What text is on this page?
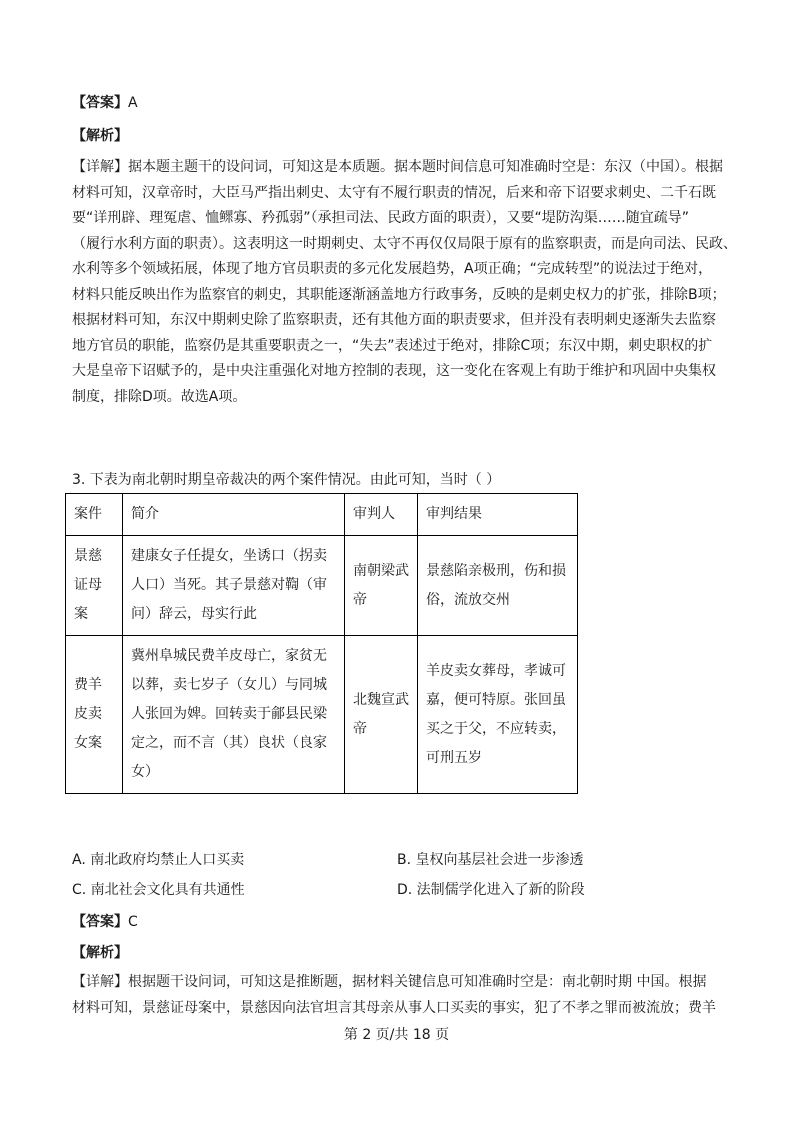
【答案】A
【解析】
【详解】据本题主题干的设问词，可知这是本质题。据本题时间信息可知准确时空是：东汉（中国）。根据
材料可知，汉章帝时，大臣马严指出刺史、太守有不履行职责的情况，后来和帝下诏要求刺史、二千石既
要“详刑辟、理冤虐、恤鳏寡、矜孤弱”（承担司法、民政方面的职责），又要“堤防沟渠……随宜疏导”
（履行水利方面的职责）。这表明这一时期刺史、太守不再仅仅局限于原有的监察职责，而是向司法、民政、
水利等多个领域拓展，体现了地方官员职责的多元化发展趋势，A项正确；“完成转型”的说法过于绝对，
材料只能反映出作为监察官的刺史，其职能逐渐涵盖地方行政事务，反映的是刺史权力的扩张，排除B项；
根据材料可知，东汉中期刺史除了监察职责，还有其他方面的职责要求，但并没有表明刺史逐渐失去监察
地方官员的职能，监察仍是其重要职责之一，“失去”表述过于绝对，排除C项；东汉中期，刺史职权的扩
大是皇帝下诏赋予的，是中央注重强化对地方控制的表现，这一变化在客观上有助于维护和巩固中央集权
制度，排除D项。故选A项。
3. 下表为南北朝时期皇帝裁决的两个案件情况。由此可知，当时（ ）
案件	简介	审判人	审判结果

景慈
证母
案	建康女子任提女，坐诱口（拐卖
人口）当死。其子景慈对鞫（审
问）辞云，母实行此	南朝梁武
帝	景慈陷亲极刑，伤和损
俗，流放交州

费羊
皮卖
女案	冀州阜城民费羊皮母亡，家贫无
以葬，卖七岁子（女儿）与同城
人张回为婢。回转卖于鄃县民梁
定之，而不言（其）良状（良家
女）	北魏宣武
帝	羊皮卖女葬母，孝诚可
嘉，便可特原。张回虽
买之于父，不应转卖，
可刑五岁
A. 南北政府均禁止人口买卖	B. 皇权向基层社会进一步渗透
C. 南北社会文化具有共通性	D. 法制儒学化进入了新的阶段
【答案】C
【解析】
【详解】根据题干设问词，可知这是推断题，据材料关键信息可知准确时空是：南北朝时期 中国。根据
材料可知，景慈证母案中，景慈因向法官坦言其母亲从事人口买卖的事实，犯了不孝之罪而被流放；费羊
第 2 页/共 18 页
